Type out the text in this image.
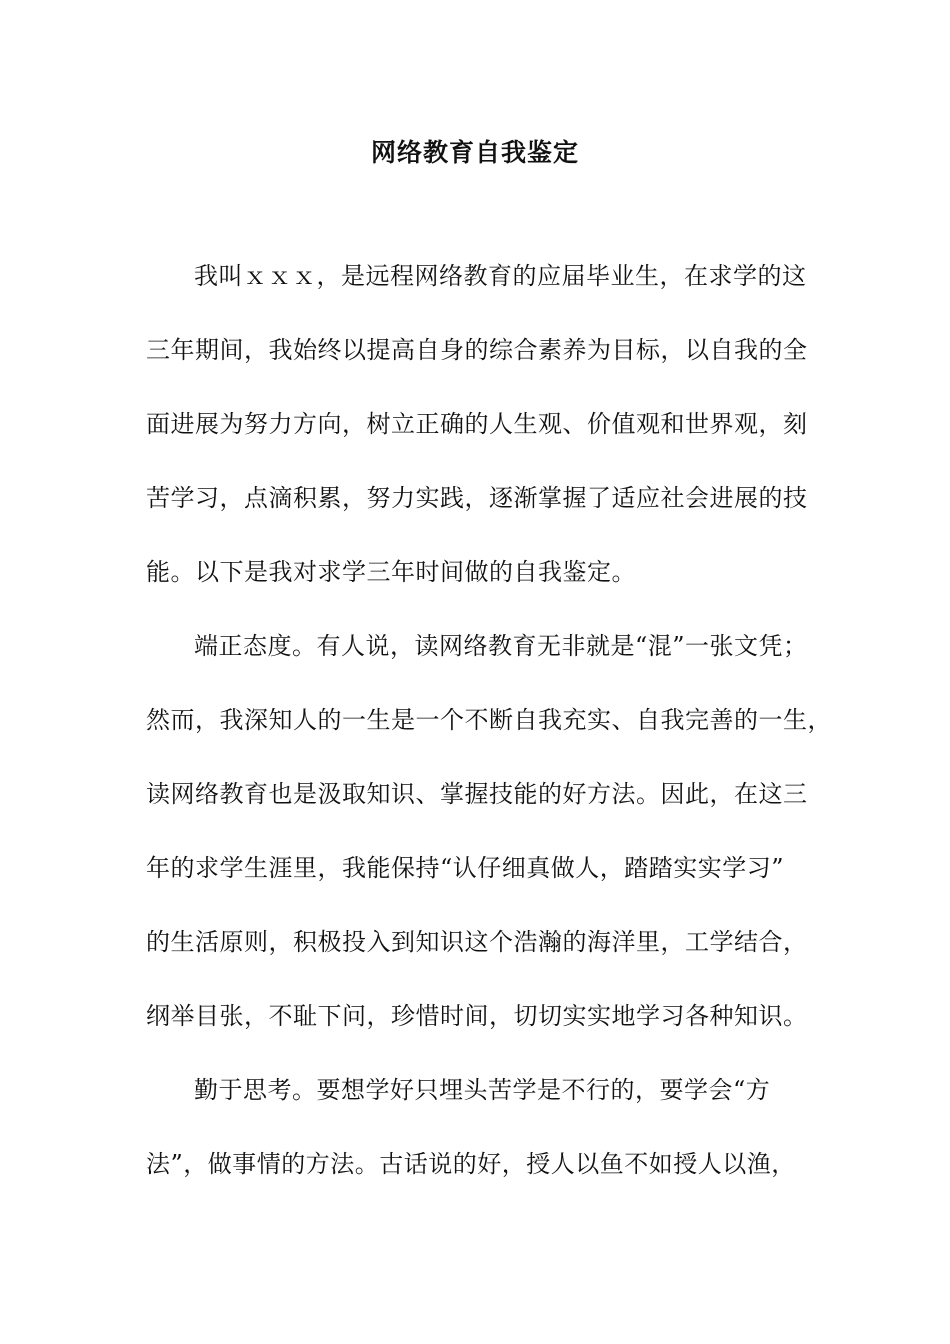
网络教育自我鉴定
我叫ｘｘｘ，是远程网络教育的应届毕业生，在求学的这
三年期间，我始终以提高自身的综合素养为目标，以自我的全
面进展为努力方向，树立正确的人生观、价值观和世界观，刻
苦学习，点滴积累，努力实践，逐渐掌握了适应社会进展的技
能。以下是我对求学三年时间做的自我鉴定。
端正态度。有人说，读网络教育无非就是“混”一张文凭；
然而，我深知人的一生是一个不断自我充实、自我完善的一生，
读网络教育也是汲取知识、掌握技能的好方法。因此，在这三
年的求学生涯里，我能保持“认仔细真做人，踏踏实实学习”
的生活原则，积极投入到知识这个浩瀚的海洋里，工学结合，
纲举目张，不耻下问，珍惜时间，切切实实地学习各种知识。
勤于思考。要想学好只埋头苦学是不行的，要学会“方
法”，做事情的方法。古话说的好，授人以鱼不如授人以渔，
